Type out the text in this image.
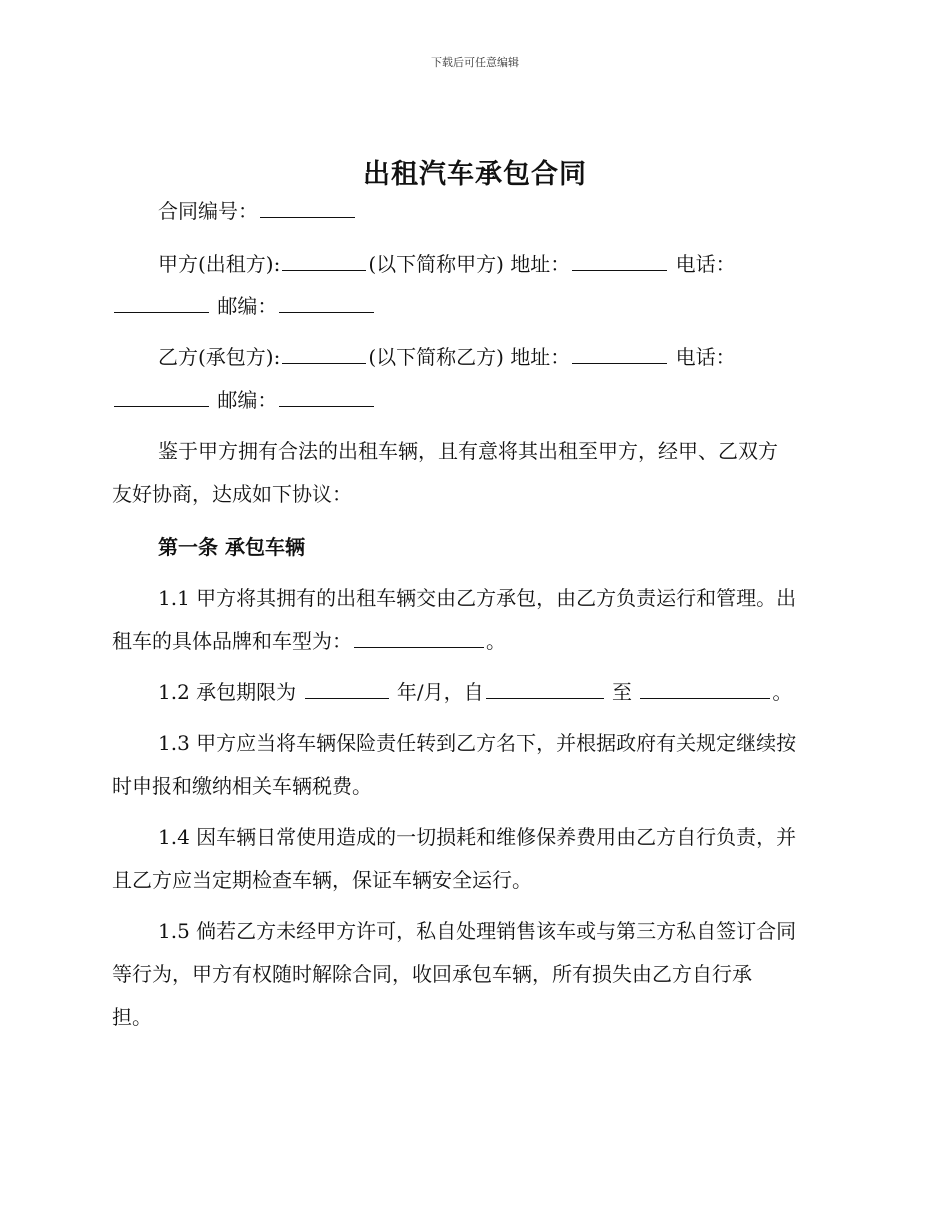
下载后可任意编辑
出租汽车承包合同
合同编号：
甲方(出租方):	(以下简称甲方) 地址：	电话：
邮编：
乙方(承包方):	(以下简称乙方) 地址：	电话：
邮编：
鉴于甲方拥有合法的出租车辆，且有意将其出租至甲方，经甲、乙双方
友好协商，达成如下协议：
第一条 承包车辆
1.1 甲方将其拥有的出租车辆交由乙方承包，由乙方负责运行和管理。出
租车的具体品牌和车型为：	。
1.2 承包期限为	年/月，自	至	。
1.3 甲方应当将车辆保险责任转到乙方名下，并根据政府有关规定继续按
时申报和缴纳相关车辆税费。
1.4 因车辆日常使用造成的一切损耗和维修保养费用由乙方自行负责，并
且乙方应当定期检查车辆，保证车辆安全运行。
1.5 倘若乙方未经甲方许可，私自处理销售该车或与第三方私自签订合同
等行为，甲方有权随时解除合同，收回承包车辆，所有损失由乙方自行承
担。
